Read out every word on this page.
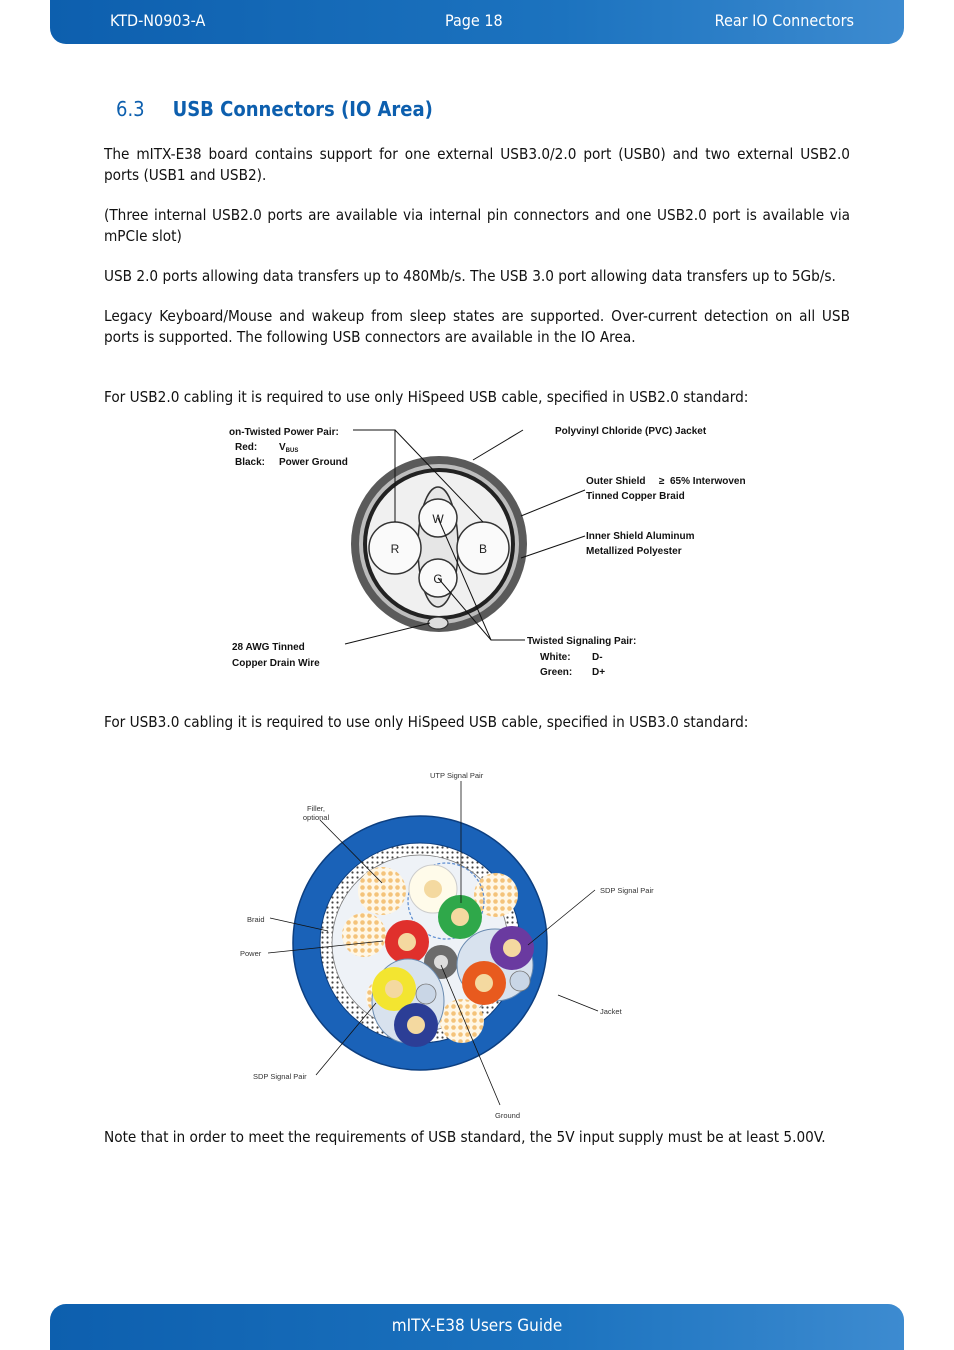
KTD-N0903-A	Page 18	Rear IO Connectors
6.3 USB Connectors (IO Area)

The mITX-E38 board contains support for one external USB3.0/2.0 port (USB0) and two external USB2.0 ports (USB1 and USB2).

(Three internal USB2.0 ports are available via internal pin connectors and one USB2.0 port is available via mPCIe slot)

USB 2.0 ports allowing data transfers up to 480Mb/s. The USB 3.0 port allowing data transfers up to 5Gb/s.

Legacy Keyboard/Mouse and wakeup from sleep states are supported. Over-current detection on all USB ports is supported. The following USB connectors are available in the IO Area.

For USB2.0 cabling it is required to use only HiSpeed USB cable, specified in USB2.0 standard:

W
R	B
G
on-Twisted Power Pair:
Red: $V_{BUS}$
Black: Power Ground
Polyvinyl Chloride (PVC) Jacket
Outer Shield ≥ 65% Interwoven
Tinned Copper Braid
Inner Shield Aluminum
Metallized Polyester
28 AWG Tinned
Copper Drain Wire
Twisted Signaling Pair:
White: D-
Green: D+

For USB3.0 cabling it is required to use only HiSpeed USB cable, specified in USB3.0 standard:

UTP Signal Pair
Filler,
optional
SDP Signal Pair
Braid
Power
Jacket
SDP Signal Pair
Ground

Note that in order to meet the requirements of USB standard, the 5V input supply must be at least 5.00V.

mITX-E38 Users Guide
